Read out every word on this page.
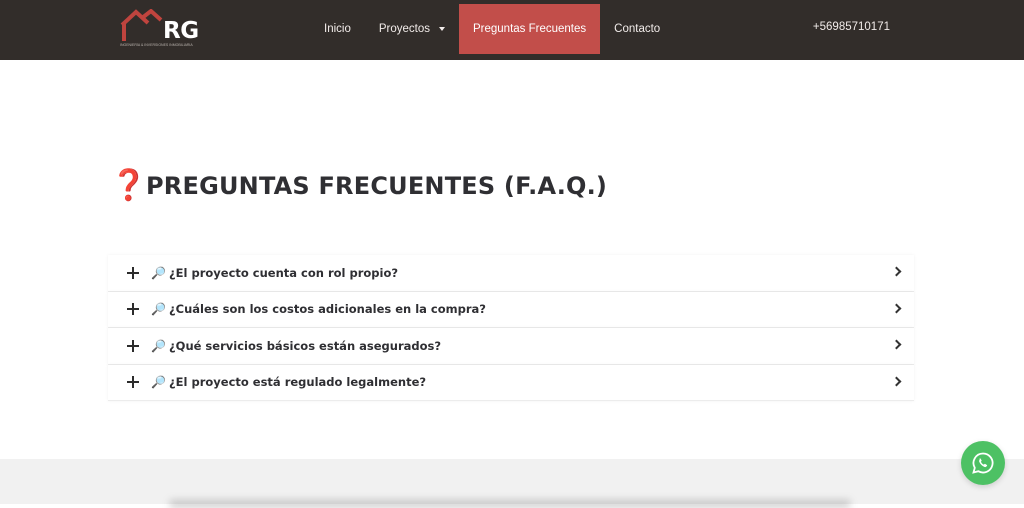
RG
INGENIERÍA & INVERSIONES INMOBILIARIA
Inicio Proyectos	Preguntas Frecuentes Contacto	+56985710171
❓
PREGUNTAS FRECUENTES (F.A.Q.)
🔎 ¿El proyecto cuenta con rol propio?
🔎 ¿Cuáles son los costos adicionales en la compra?
🔎 ¿Qué servicios básicos están asegurados?
🔎 ¿El proyecto está regulado legalmente?
